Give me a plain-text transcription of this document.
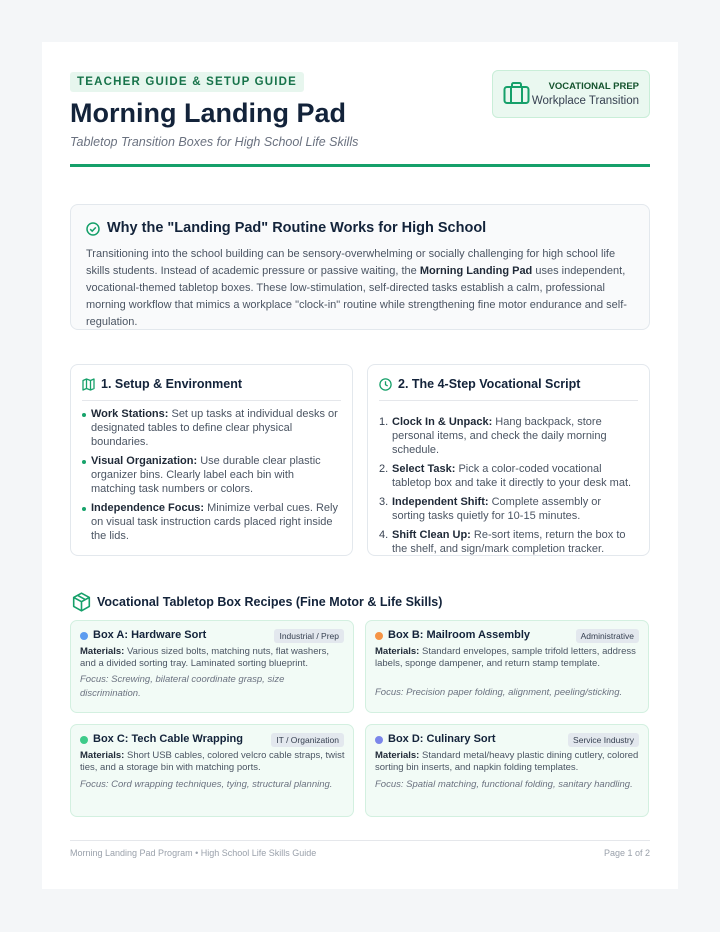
TEACHER GUIDE & SETUP GUIDE
Morning Landing Pad
Tabletop Transition Boxes for High School Life Skills
VOCATIONAL PREP
Workplace Transition
Why the "Landing Pad" Routine Works for High School

Transitioning into the school building can be sensory-overwhelming or socially challenging for high school life skills students. Instead of academic pressure or passive waiting, the Morning Landing Pad uses independent, vocational-themed tabletop boxes. These low-stimulation, self-directed tasks establish a calm, professional morning workflow that mimics a workplace "clock-in" routine while strengthening fine motor endurance and self-regulation.

1. Setup & Environment
Work Stations: Set up tasks at individual desks or designated tables to define clear physical boundaries.
Visual Organization: Use durable clear plastic organizer bins. Clearly label each bin with matching task numbers or colors.
Independence Focus: Minimize verbal cues. Rely on visual task instruction cards placed right inside the lids.
2. The 4-Step Vocational Script
1. Clock In & Unpack: Hang backpack, store personal items, and check the daily morning schedule.
2. Select Task: Pick a color-coded vocational tabletop box and take it directly to your desk mat.
3. Independent Shift: Complete assembly or sorting tasks quietly for 10-15 minutes.
4. Shift Clean Up: Re-sort items, return the box to the shelf, and sign/mark completion tracker.
Vocational Tabletop Box Recipes (Fine Motor & Life Skills)
Box A: Hardware Sort	Industrial / Prep
Materials: Various sized bolts, matching nuts, flat washers, and a divided sorting tray. Laminated sorting blueprint.
Focus: Screwing, bilateral coordinate grasp, size discrimination.
Box B: Mailroom Assembly	Administrative
Materials: Standard envelopes, sample trifold letters, address labels, sponge dampener, and return stamp template.
Focus: Precision paper folding, alignment, peeling/sticking.
Box C: Tech Cable Wrapping	IT / Organization
Materials: Short USB cables, colored velcro cable straps, twist ties, and a storage bin with matching ports.
Focus: Cord wrapping techniques, tying, structural planning.
Box D: Culinary Sort	Service Industry
Materials: Standard metal/heavy plastic dining cutlery, colored sorting bin inserts, and napkin folding templates.
Focus: Spatial matching, functional folding, sanitary handling.
Morning Landing Pad Program • High School Life Skills Guide	Page 1 of 2
